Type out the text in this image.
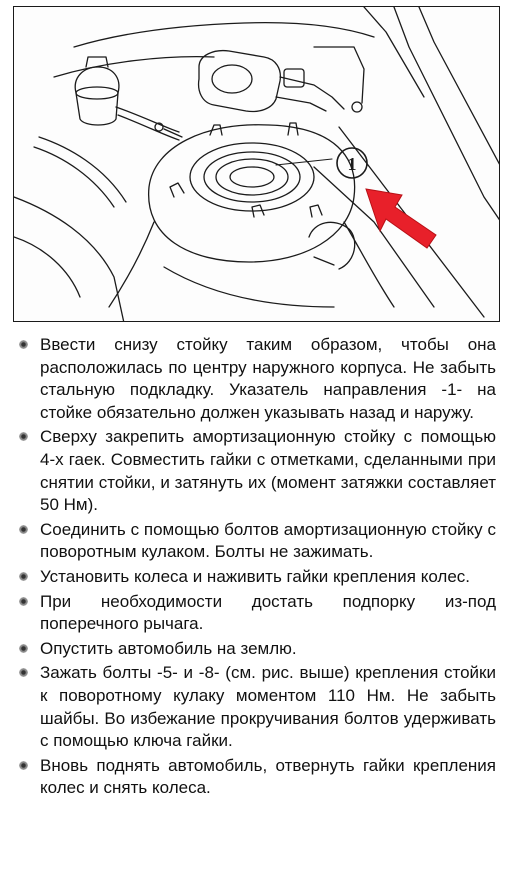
1
Ввести снизу стойку таким образом, чтобы она расположилась по центру наружного корпуса. Не забыть стальную подкладку. Указатель направления -1- на стойке обязательно должен указывать назад и наружу.
Сверху закрепить амортизационную стойку с помощью 4-х гаек. Совместить гайки с отметками, сделанными при снятии стойки, и затянуть их (момент затяжки составляет 50 Нм).
Соединить с помощью болтов амортизационную стойку с поворотным кулаком. Болты не зажимать.
Установить колеса и наживить гайки крепления колес.
При необходимости достать подпорку из-под поперечного рычага.
Опустить автомобиль на землю.
Зажать болты -5- и -8- (см. рис. выше) крепления стойки к поворотному кулаку моментом 110 Нм. Не забыть шайбы. Во избежание прокручивания болтов удерживать с помощью ключа гайки.
Вновь поднять автомобиль, отвернуть гайки крепления колес и снять колеса.
